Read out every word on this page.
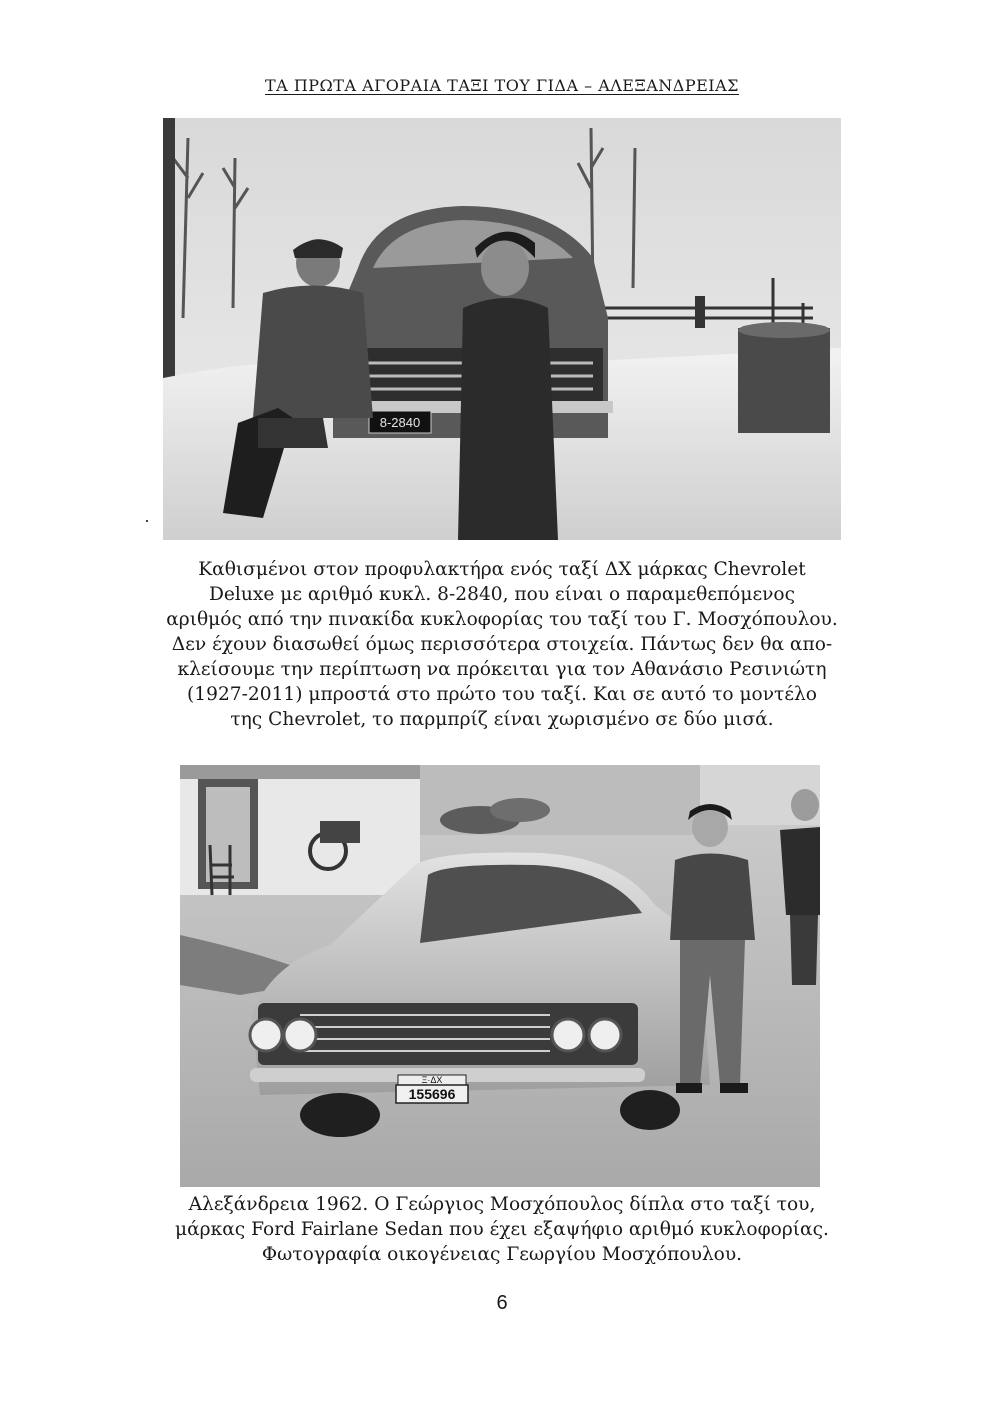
ΤΑ ΠΡΩΤΑ ΑΓΟΡΑΙΑ ΤΑΞΙ ΤΟΥ ΓΙΔΑ – ΑΛΕΞΑΝΔΡΕΙΑΣ
8-2840
Καθισμένοι στον προφυλακτήρα ενός ταξί ΔΧ μάρκας Chevrolet
Deluxe με αριθμό κυκλ. 8-2840, που είναι ο παραμεθεπόμενος
αριθμός από την πινακίδα κυκλοφορίας του ταξί του Γ. Μοσχόπουλου.
Δεν έχουν διασωθεί όμως περισσότερα στοιχεία. Πάντως δεν θα απο-
κλείσουμε την περίπτωση να πρόκειται για τον Αθανάσιο Ρεσινιώτη
(1927-2011) μπροστά στο πρώτο του ταξί. Και σε αυτό το μοντέλο
της Chevrolet, το παρμπρίζ είναι χωρισμένο σε δύο μισά.
Ξ·ΔΧ
155696
Αλεξάνδρεια 1962. Ο Γεώργιος Μοσχόπουλος δίπλα στο ταξί του,
μάρκας Ford Fairlane Sedan που έχει εξαψήφιο αριθμό κυκλοφορίας.
Φωτογραφία οικογένειας Γεωργίου Μοσχόπουλου.
6
